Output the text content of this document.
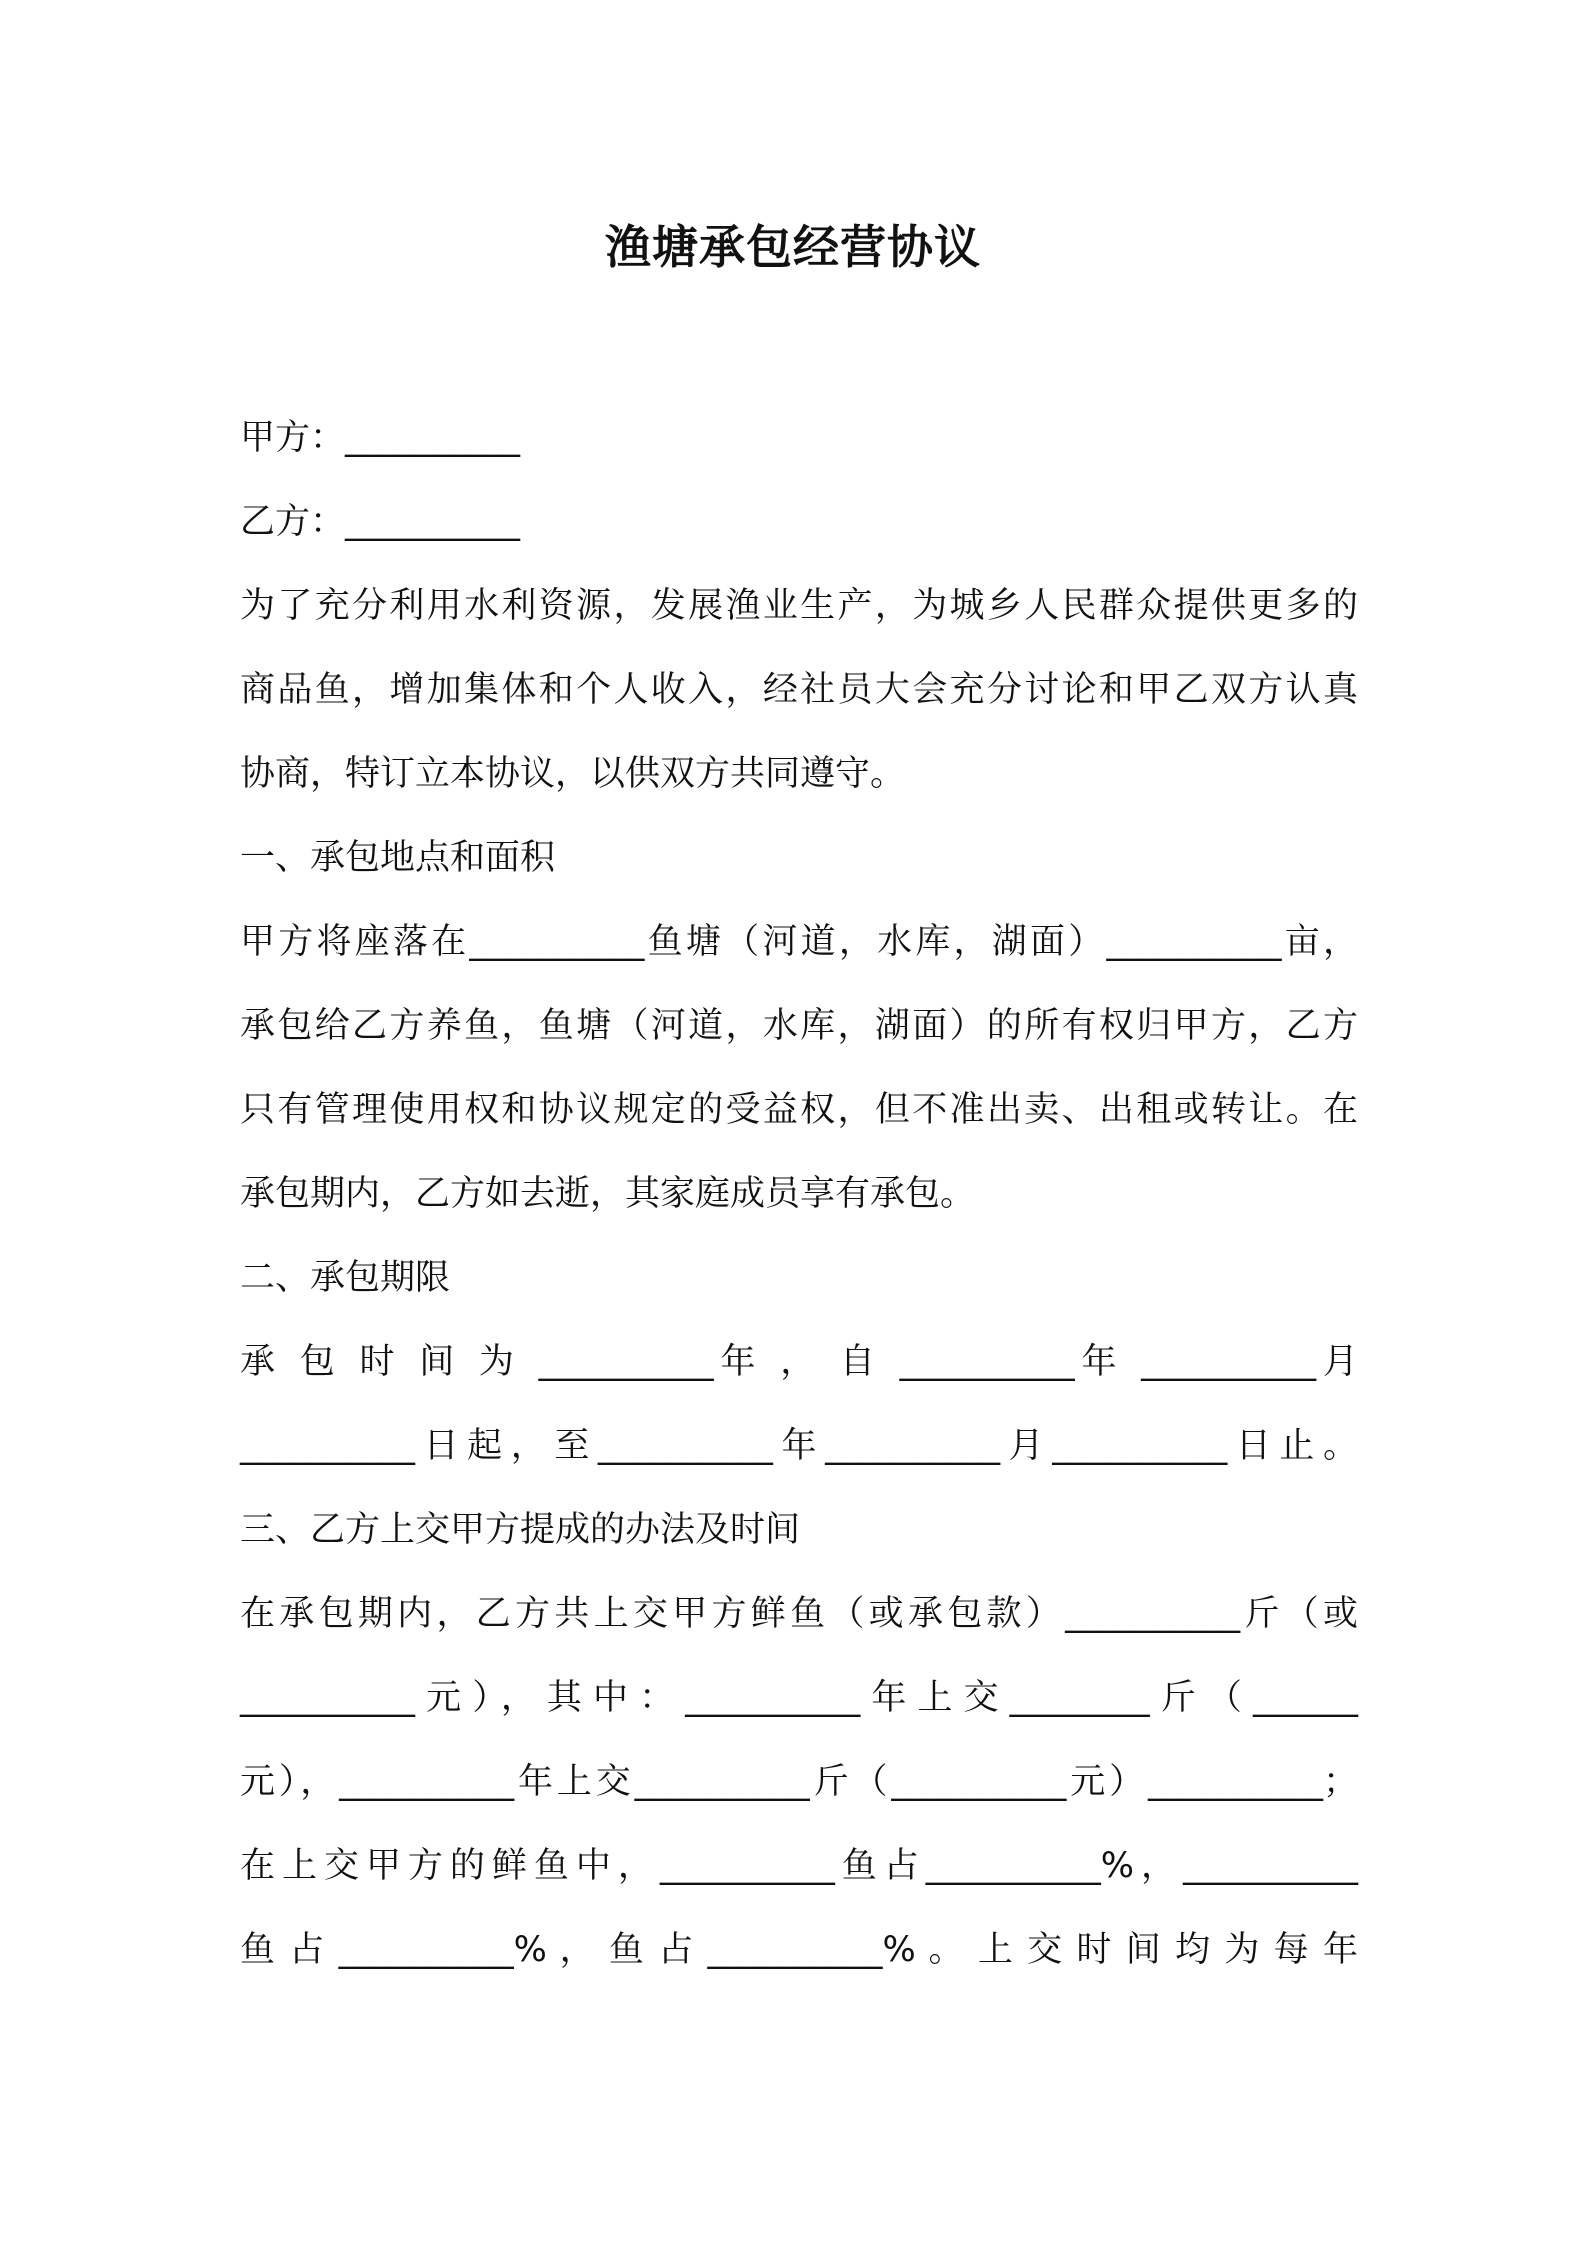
渔塘承包经营协议
甲方：__________
乙方：__________
为了充分利用水利资源，发展渔业生产，为城乡人民群众提供更多的
商品鱼，增加集体和个人收入，经社员大会充分讨论和甲乙双方认真
协商，特订立本协议，以供双方共同遵守。
一、承包地点和面积
甲方将座落在__________鱼塘（河道，水库，湖面）__________亩，
承包给乙方养鱼，鱼塘（河道，水库，湖面）的所有权归甲方，乙方
只有管理使用权和协议规定的受益权，但不准出卖、出租或转让。在
承包期内，乙方如去逝，其家庭成员享有承包。
二、承包期限
承 包 时 间 为 __________年 ， 自 __________年 __________月
__________日起，至__________年__________月__________日止。
三、乙方上交甲方提成的办法及时间
在承包期内，乙方共上交甲方鲜鱼（或承包款）__________斤（或
__________元），其中：__________年上交________斤（______
元），__________年上交__________斤（__________元）__________；
在上交甲方的鲜鱼中，__________鱼占__________%，__________
鱼 占 __________% ， 鱼 占 __________% 。 上 交 时 间 均 为 每 年
